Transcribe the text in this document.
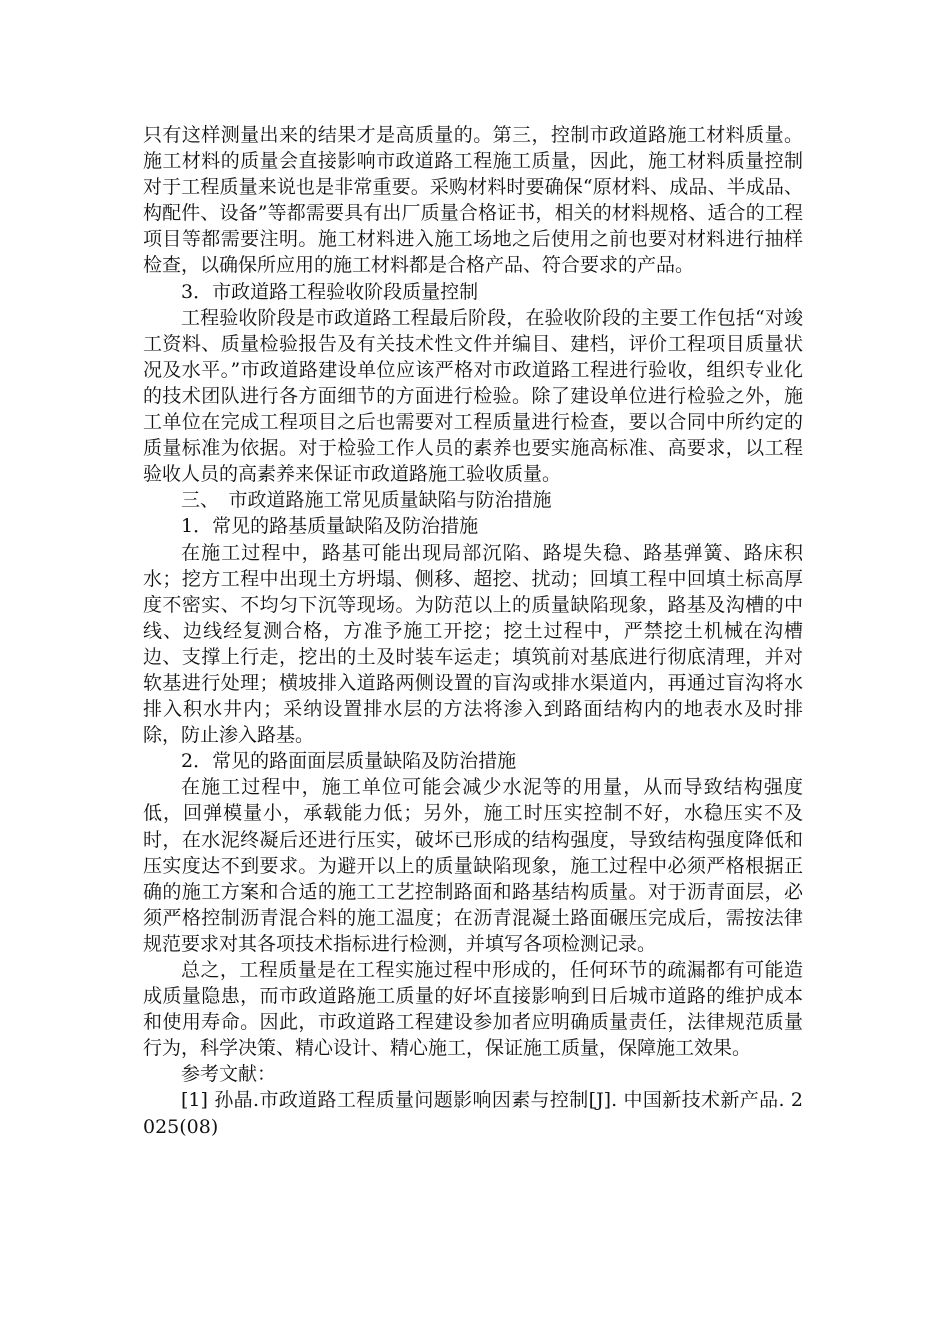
只有这样测量出来的结果才是高质量的。第三，控制市政道路施工材料质量。施工材料的质量会直接影响市政道路工程施工质量，因此，施工材料质量控制对于工程质量来说也是非常重要。采购材料时要确保“原材料、成品、半成品、构配件、设备”等都需要具有出厂质量合格证书，相关的材料规格、适合的工程项目等都需要注明。施工材料进入施工场地之后使用之前也要对材料进行抽样检查，以确保所应用的施工材料都是合格产品、符合要求的产品。

3．市政道路工程验收阶段质量控制

工程验收阶段是市政道路工程最后阶段，在验收阶段的主要工作包括“对竣工资料、质量检验报告及有关技术性文件并编目、建档，评价工程项目质量状况及水平。”市政道路建设单位应该严格对市政道路工程进行验收，组织专业化的技术团队进行各方面细节的方面进行检验。除了建设单位进行检验之外，施工单位在完成工程项目之后也需要对工程质量进行检查，要以合同中所约定的质量标准为依据。对于检验工作人员的素养也要实施高标准、高要求，以工程验收人员的高素养来保证市政道路施工验收质量。

三、　市政道路施工常见质量缺陷与防治措施

1．常见的路基质量缺陷及防治措施

在施工过程中，路基可能出现局部沉陷、路堤失稳、路基弹簧、路床积水；挖方工程中出现土方坍塌、侧移、超挖、扰动；回填工程中回填土标高厚度不密实、不均匀下沉等现场。为防范以上的质量缺陷现象，路基及沟槽的中线、边线经复测合格，方准予施工开挖；挖土过程中，严禁挖土机械在沟槽边、支撑上行走，挖出的土及时装车运走；填筑前对基底进行彻底清理，并对软基进行处理；横坡排入道路两侧设置的盲沟或排水渠道内，再通过盲沟将水排入积水井内；采纳设置排水层的方法将渗入到路面结构内的地表水及时排除，防止渗入路基。

2．常见的路面面层质量缺陷及防治措施

在施工过程中，施工单位可能会减少水泥等的用量，从而导致结构强度低，回弹模量小，承载能力低；另外，施工时压实控制不好，水稳压实不及时，在水泥终凝后还进行压实，破坏已形成的结构强度，导致结构强度降低和压实度达不到要求。为避开以上的质量缺陷现象，施工过程中必须严格根据正确的施工方案和合适的施工工艺控制路面和路基结构质量。对于沥青面层，必须严格控制沥青混合料的施工温度；在沥青混凝土路面碾压完成后，需按法律规范要求对其各项技术指标进行检测，并填写各项检测记录。

总之，工程质量是在工程实施过程中形成的，任何环节的疏漏都有可能造成质量隐患，而市政道路施工质量的好坏直接影响到日后城市道路的维护成本和使用寿命。因此，市政道路工程建设参加者应明确质量责任，法律规范质量行为，科学决策、精心设计、精心施工，保证施工质量，保障施工效果。

参考文献：

[1] 孙晶.市政道路工程质量问题影响因素与控制[J]. 中国新技术新产品. 2025(08)
